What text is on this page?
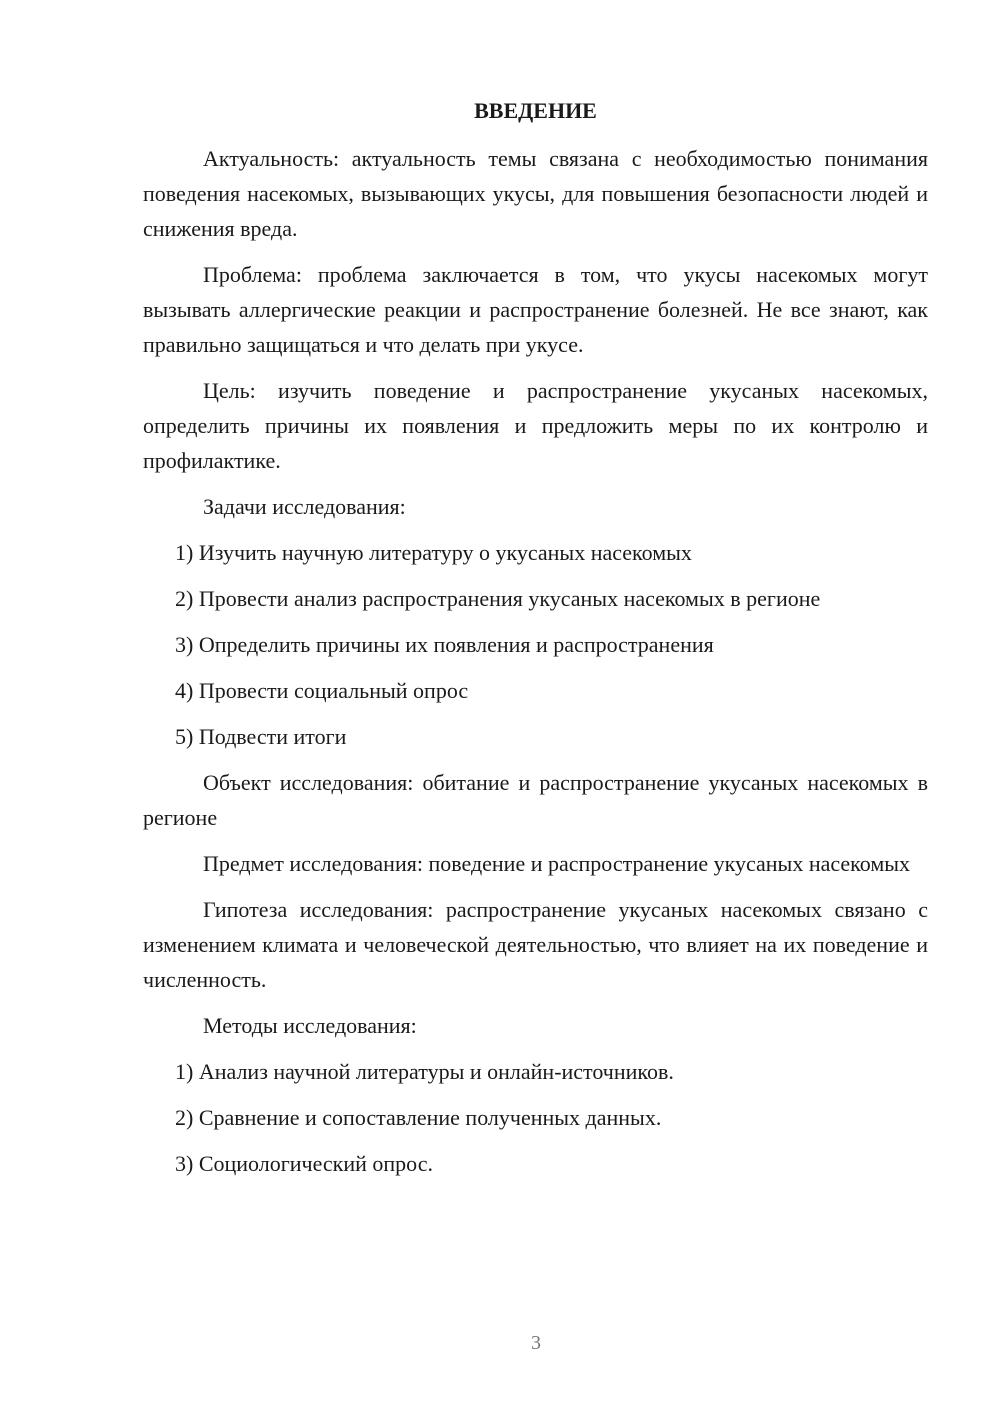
ВВЕДЕНИЕ

Актуальность: актуальность темы связана с необходимостью понимания поведения насекомых, вызывающих укусы, для повышения безопасности людей и снижения вреда.

Проблема: проблема заключается в том, что укусы насекомых могут вызывать аллергические реакции и распространение болезней. Не все знают, как правильно защищаться и что делать при укусе.

Цель: изучить поведение и распространение укусаных насекомых, определить причины их появления и предложить меры по их контролю и профилактике.

Задачи исследования:

1) Изучить научную литературу о укусаных насекомых

2) Провести анализ распространения укусаных насекомых в регионе

3) Определить причины их появления и распространения

4) Провести социальный опрос

5) Подвести итоги

Объект исследования: обитание и распространение укусаных насекомых в регионе

Предмет исследования: поведение и распространение укусаных насекомых

Гипотеза исследования: распространение укусаных насекомых связано с изменением климата и человеческой деятельностью, что влияет на их поведение и численность.

Методы исследования:

1) Анализ научной литературы и онлайн-источников.

2) Сравнение и сопоставление полученных данных.

3) Социологический опрос.

3
